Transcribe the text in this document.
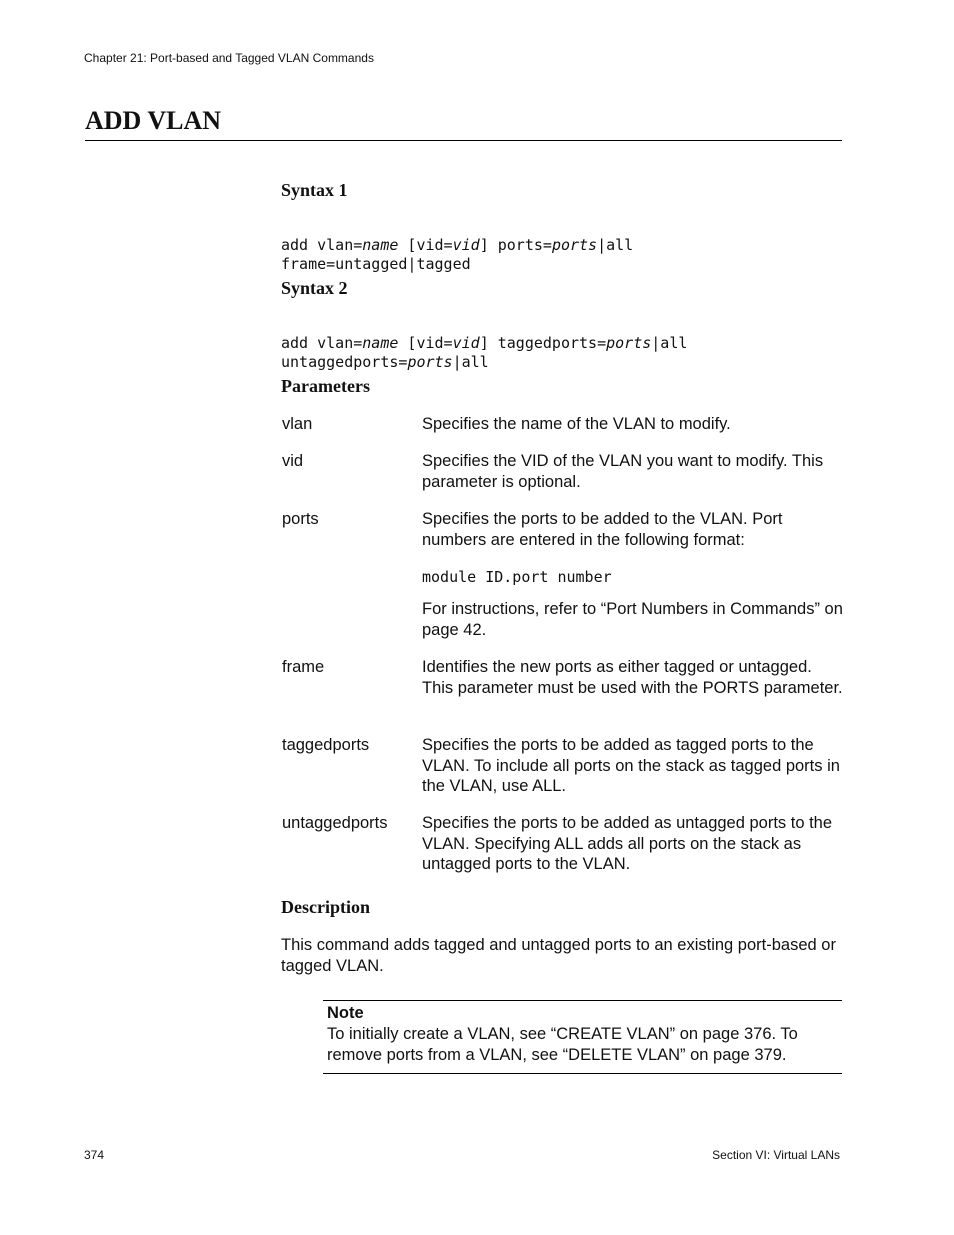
Chapter 21: Port-based and Tagged VLAN Commands
ADD VLAN
Syntax 1

add vlan=name [vid=vid] ports=ports|all
frame=untagged|tagged
Syntax 2

add vlan=name [vid=vid] taggedports=ports|all
untaggedports=ports|all
Parameters
vlan	Specifies the name of the VLAN to modify.
vid	Specifies the VID of the VLAN you want to modify. This parameter is optional.
ports	Specifies the ports to be added to the VLAN. Port numbers are entered in the following format:
module ID.port number
For instructions, refer to “Port Numbers in Commands” on page 42.
frame	Identifies the new ports as either tagged or untagged. This parameter must be used with the PORTS parameter.
taggedports	Specifies the ports to be added as tagged ports to the VLAN. To include all ports on the stack as tagged ports in the VLAN, use ALL.
untaggedports Specifies the ports to be added as untagged ports to the VLAN. Specifying ALL adds all ports on the stack as untagged ports to the VLAN.
Description
This command adds tagged and untagged ports to an existing port-based or tagged VLAN.
Note
To initially create a VLAN, see “CREATE VLAN” on page 376. To remove ports from a VLAN, see “DELETE VLAN” on page 379.
374	Section VI: Virtual LANs
